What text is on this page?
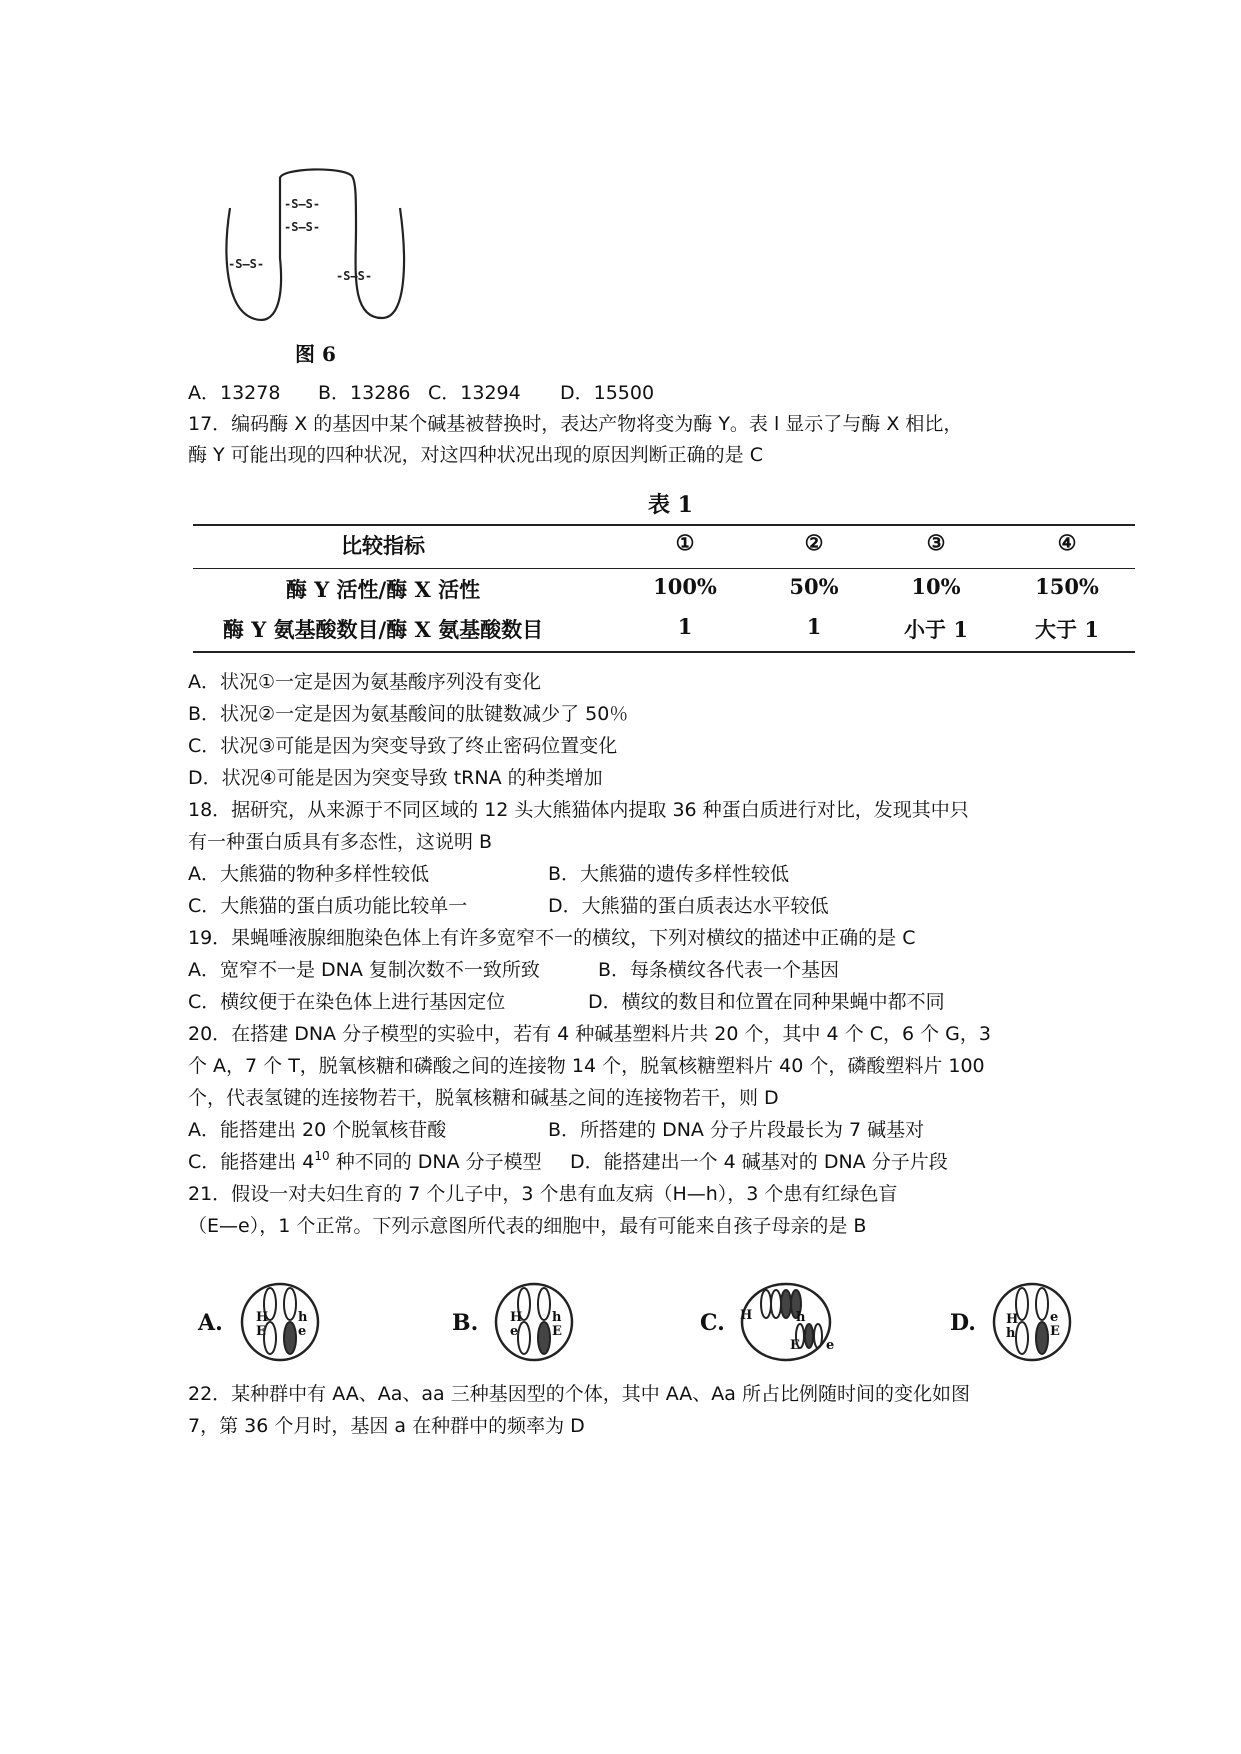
-S—S-
-S—S-
-S—S-
-S—S-
图 6
A．13278 B．13286 C．13294 D．15500
17．编码酶 X 的基因中某个碱基被替换时，表达产物将变为酶 Y。表 l 显示了与酶 X 相比，
酶 Y 可能出现的四种状况，对这四种状况出现的原因判断正确的是 C
表 1
比较指标	①	②	③	④
酶 Y 活性/酶 X 活性	100%	50%	10%	150%
酶 Y 氨基酸数目/酶 X 氨基酸数目	1	1	小于 1	大于 1
A．状况①一定是因为氨基酸序列没有变化
B．状况②一定是因为氨基酸间的肽键数减少了 50％
C．状况③可能是因为突变导致了终止密码位置变化
D．状况④可能是因为突变导致 tRNA 的种类增加
18．据研究，从来源于不同区域的 12 头大熊猫体内提取 36 种蛋白质进行对比，发现其中只
有一种蛋白质具有多态性，这说明 B
A．大熊猫的物种多样性较低	B．大熊猫的遗传多样性较低
C．大熊猫的蛋白质功能比较单一	D．大熊猫的蛋白质表达水平较低
19．果蝇唾液腺细胞染色体上有许多宽窄不一的横纹，下列对横纹的描述中正确的是 C
A．宽窄不一是 DNA 复制次数不一致所致	B．每条横纹各代表一个基因
C．横纹便于在染色体上进行基因定位	D．横纹的数目和位置在同种果蝇中都不同
20．在搭建 DNA 分子模型的实验中，若有 4 种碱基塑料片共 20 个，其中 4 个 C，6 个 G，3
个 A，7 个 T，脱氧核糖和磷酸之间的连接物 14 个，脱氧核糖塑料片 40 个，磷酸塑料片 100
个，代表氢键的连接物若干，脱氧核糖和碱基之间的连接物若干，则 D
A．能搭建出 20 个脱氧核苷酸	B．所搭建的 DNA 分子片段最长为 7 碱基对
C．能搭建出 $4^{10}$ 种不同的 DNA 分子模型 D．能搭建出一个 4 碱基对的 DNA 分子片段
21．假设一对夫妇生育的 7 个儿子中，3 个患有血友病（H—h），3 个患有红绿色盲
（E—e），1 个正常。下列示意图所代表的细胞中，最有可能来自孩子母亲的是 B
A.	H
E
h
e	B. H
e
h
E	C. H	h
E e
D. H
h
e
E
22．某种群中有 AA、Aa、aa 三种基因型的个体，其中 AA、Aa 所占比例随时间的变化如图
7，第 36 个月时，基因 a 在种群中的频率为 D
